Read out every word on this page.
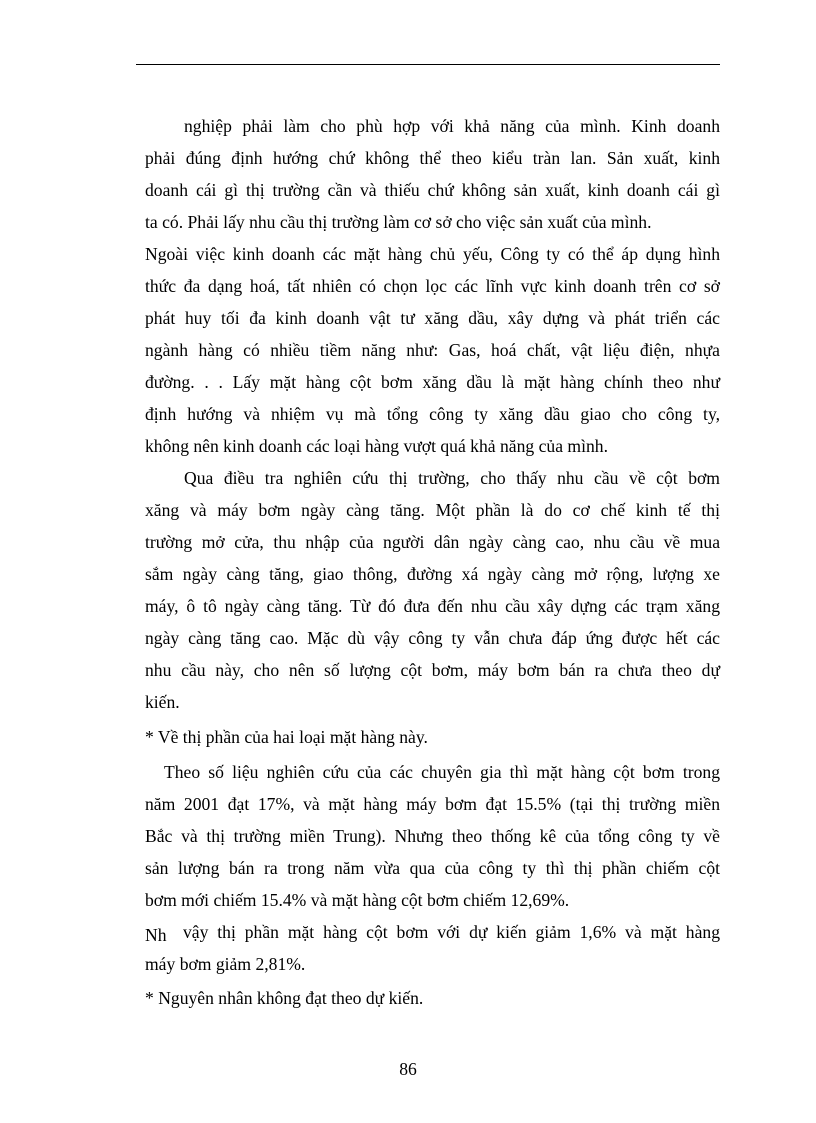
nghiệp phải làm cho phù hợp với khả năng của mình. Kinh doanh
phải đúng định hướng chứ không thể theo kiểu tràn lan. Sản xuất, kinh
doanh cái gì thị trường cần và thiếu chứ không sản xuất, kinh doanh cái gì
ta có. Phải lấy nhu cầu thị trường làm cơ sở cho việc sản xuất của mình.
Ngoài việc kinh doanh các mặt hàng chủ yếu, Công ty có thể áp dụng hình
thức đa dạng hoá, tất nhiên có chọn lọc các lĩnh vực kinh doanh trên cơ sở
phát huy tối đa kinh doanh vật tư xăng dầu, xây dựng và phát triển các
ngành hàng có nhiều tiềm năng như: Gas, hoá chất, vật liệu điện, nhựa
đường. . . Lấy mặt hàng cột bơm xăng dầu là mặt hàng chính theo như
định hướng và nhiệm vụ mà tổng công ty xăng dầu giao cho công ty,
không nên kinh doanh các loại hàng vượt quá khả năng của mình.
Qua điều tra nghiên cứu thị trường, cho thấy nhu cầu về cột bơm
xăng và máy bơm ngày càng tăng. Một phần là do cơ chế kinh tế thị
trường mở cửa, thu nhập của người dân ngày càng cao, nhu cầu về mua
sắm ngày càng tăng, giao thông, đường xá ngày càng mở rộng, lượng xe
máy, ô tô ngày càng tăng. Từ đó đưa đến nhu cầu xây dựng các trạm xăng
ngày càng tăng cao. Mặc dù vậy công ty vẫn chưa đáp ứng được hết các
nhu cầu này, cho nên số lượng cột bơm, máy bơm bán ra chưa theo dự
kiến.
* Về thị phần của hai loại mặt hàng này.
Theo số liệu nghiên cứu của các chuyên gia thì mặt hàng cột bơm trong
năm 2001 đạt 17%, và mặt hàng máy bơm đạt 15.5% (tại thị trường miền
Bắc và thị trường miền Trung). Nhưng theo thống kê của tổng công ty về
sản lượng bán ra trong năm vừa qua của công ty thì thị phần chiếm cột
bơm mới chiếm 15.4% và mặt hàng cột bơm chiếm 12,69%.
Nh vậy thị phần mặt hàng cột bơm với dự kiến giảm 1,6% và mặt hàng
máy bơm giảm 2,81%.
* Nguyên nhân không đạt theo dự kiến.
86
